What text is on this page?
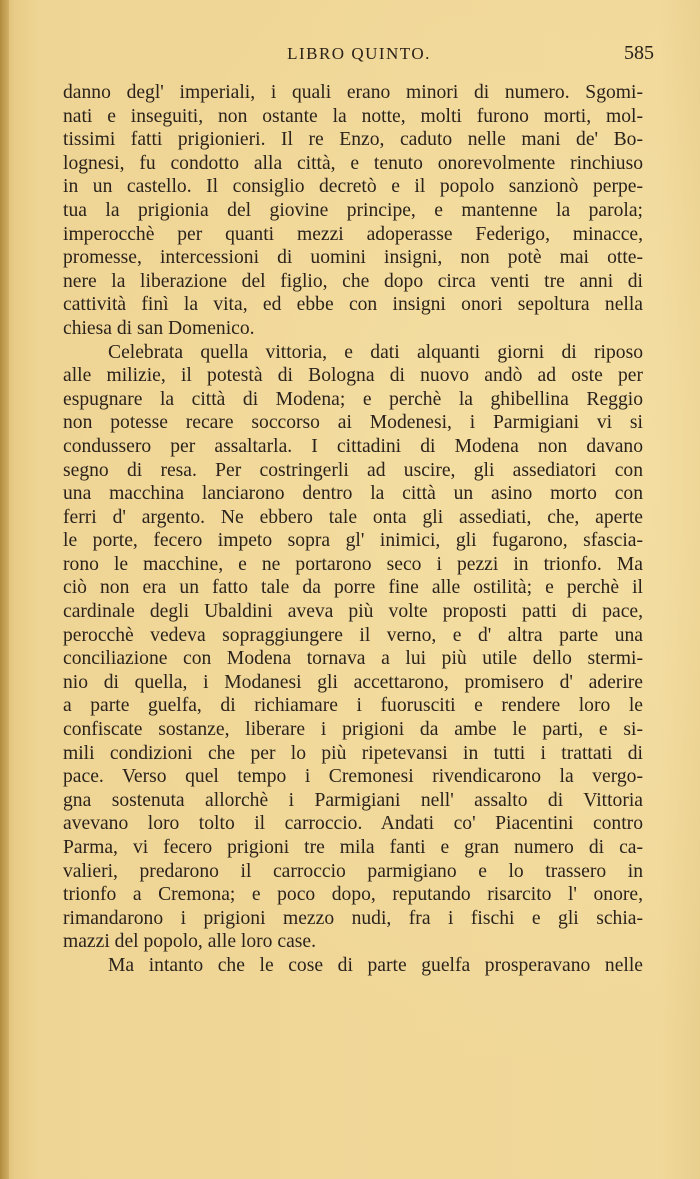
LIBRO QUINTO.	585
danno degl' imperiali, i quali erano minori di numero. Sgomi-
nati e inseguiti, non ostante la notte, molti furono morti, mol-
tissimi fatti prigionieri. Il re Enzo, caduto nelle mani de' Bo-
lognesi, fu condotto alla città, e tenuto onorevolmente rinchiuso
in un castello. Il consiglio decretò e il popolo sanzionò perpe-
tua la prigionia del giovine principe, e mantenne la parola;
imperocchè per quanti mezzi adoperasse Federigo, minacce,
promesse, intercessioni di uomini insigni, non potè mai otte-
nere la liberazione del figlio, che dopo circa venti tre anni di
cattività finì la vita, ed ebbe con insigni onori sepoltura nella
chiesa di san Domenico.
Celebrata quella vittoria, e dati alquanti giorni di riposo
alle milizie, il potestà di Bologna di nuovo andò ad oste per
espugnare la città di Modena; e perchè la ghibellina Reggio
non potesse recare soccorso ai Modenesi, i Parmigiani vi si
condussero per assaltarla. I cittadini di Modena non davano
segno di resa. Per costringerli ad uscire, gli assediatori con
una macchina lanciarono dentro la città un asino morto con
ferri d' argento. Ne ebbero tale onta gli assediati, che, aperte
le porte, fecero impeto sopra gl' inimici, gli fugarono, sfascia-
rono le macchine, e ne portarono seco i pezzi in trionfo. Ma
ciò non era un fatto tale da porre fine alle ostilità; e perchè il
cardinale degli Ubaldini aveva più volte proposti patti di pace,
perocchè vedeva sopraggiungere il verno, e d' altra parte una
conciliazione con Modena tornava a lui più utile dello stermi-
nio di quella, i Modanesi gli accettarono, promisero d' aderire
a parte guelfa, di richiamare i fuorusciti e rendere loro le
confiscate sostanze, liberare i prigioni da ambe le parti, e si-
mili condizioni che per lo più ripetevansi in tutti i trattati di
pace. Verso quel tempo i Cremonesi rivendicarono la vergo-
gna sostenuta allorchè i Parmigiani nell' assalto di Vittoria
avevano loro tolto il carroccio. Andati co' Piacentini contro
Parma, vi fecero prigioni tre mila fanti e gran numero di ca-
valieri, predarono il carroccio parmigiano e lo trassero in
trionfo a Cremona; e poco dopo, reputando risarcito l' onore,
rimandarono i prigioni mezzo nudi, fra i fischi e gli schia-
mazzi del popolo, alle loro case.
Ma intanto che le cose di parte guelfa prosperavano nelle
